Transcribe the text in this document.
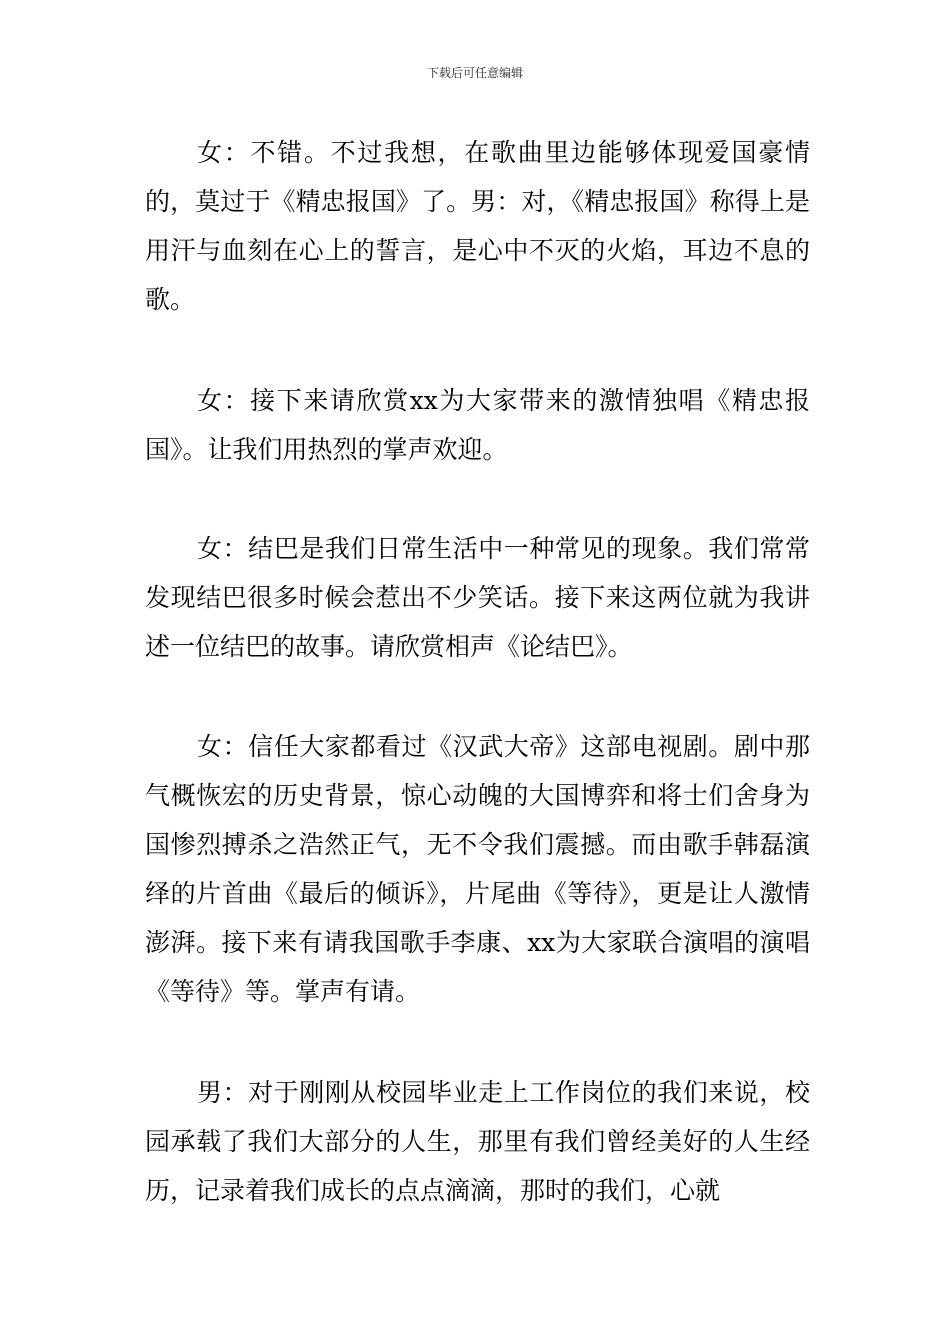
下载后可任意编辑

女：不错。不过我想，在歌曲里边能够体现爱国豪情的，莫过于《精忠报国》了。男：对，《精忠报国》称得上是用汗与血刻在心上的誓言，是心中不灭的火焰，耳边不息的歌。

女：接下来请欣赏xx为大家带来的激情独唱《精忠报国》。让我们用热烈的掌声欢迎。

女：结巴是我们日常生活中一种常见的现象。我们常常发现结巴很多时候会惹出不少笑话。接下来这两位就为我讲述一位结巴的故事。请欣赏相声《论结巴》。

女：信任大家都看过《汉武大帝》这部电视剧。剧中那气概恢宏的历史背景，惊心动魄的大国博弈和将士们舍身为国惨烈搏杀之浩然正气，无不令我们震撼。而由歌手韩磊演绎的片首曲《最后的倾诉》，片尾曲《等待》，更是让人激情澎湃。接下来有请我国歌手李康、xx为大家联合演唱的演唱《等待》等。掌声有请。

男：对于刚刚从校园毕业走上工作岗位的我们来说，校园承载了我们大部分的人生，那里有我们曾经美好的人生经历，记录着我们成长的点点滴滴，那时的我们，心就
